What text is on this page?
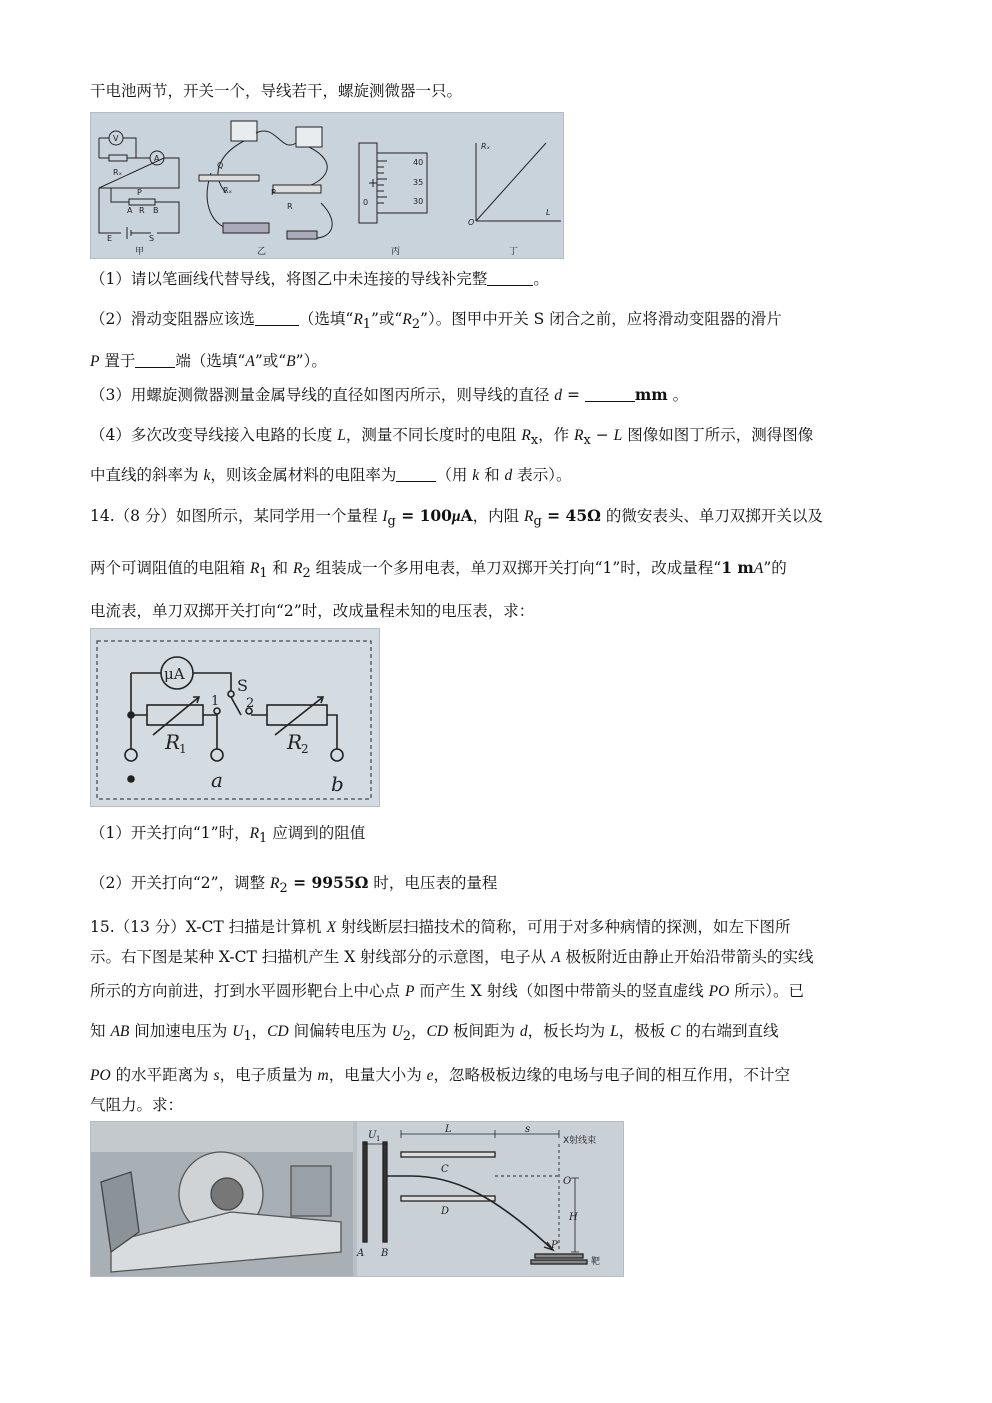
干电池两节，开关一个，导线若干，螺旋测微器一只。
V
A
Rₓ
P
A R B
E	S
甲
Q
Rₓ	P
R
乙
40
35
30
0
丙
Rₓ
L
O
丁
（1）请以笔画线代替导线，将图乙中未连接的导线补完整	。
（2）滑动变阻器应该选	（选填“$R_1$”或“$R_2$”）。图甲中开关 S 闭合之前，应将滑动变阻器的滑片
P 置于	端（选填“A”或“B”）。
（3）用螺旋测微器测量金属导线的直径如图丙所示，则导线的直径 d =	mm 。
（4）多次改变导线接入电路的长度 L，测量不同长度时的电阻 $R_x$，作 $R_x - L$ 图像如图丁所示，测得图像
中直线的斜率为 k，则该金属材料的电阻率为	（用 k 和 d 表示）。
14.（8 分）如图所示，某同学用一个量程 $I_g = 100\mu A$，内阻 $R_g = 45\Omega$ 的微安表头、单刀双掷开关以及
两个可调阻值的电阻箱 $R_1$ 和 $R_2$ 组装成一个多用电表，单刀双掷开关打向“1”时，改成量程“1 mA”的
电流表，单刀双掷开关打向“2”时，改成量程未知的电压表，求：
μA
R
1
1
S
2
R
2
a	b
（1）开关打向“1”时，$R_1$ 应调到的阻值
（2）开关打向“2”，调整 $R_2 = 9955\Omega$ 时，电压表的量程
15.（13 分）X-CT 扫描是计算机 X 射线断层扫描技术的简称，可用于对多种病情的探测，如左下图所
示。右下图是某种 X-CT 扫描机产生 X 射线部分的示意图，电子从 A 极板附近由静止开始沿带箭头的实线
所示的方向前进，打到水平圆形靶台上中心点 P 而产生 X 射线（如图中带箭头的竖直虚线 PO 所示）。已
知 AB 间加速电压为 $U_1$，CD 间偏转电压为 $U_2$，CD 板间距为 d，板长均为 L，极板 C 的右端到直线
PO 的水平距离为 s，电子质量为 m，电量大小为 e，忽略极板边缘的电场与电子间的相互作用，不计空
气阻力。求：
A B
U 1
C
D
L	s
X射线束
O
H
P
靶
